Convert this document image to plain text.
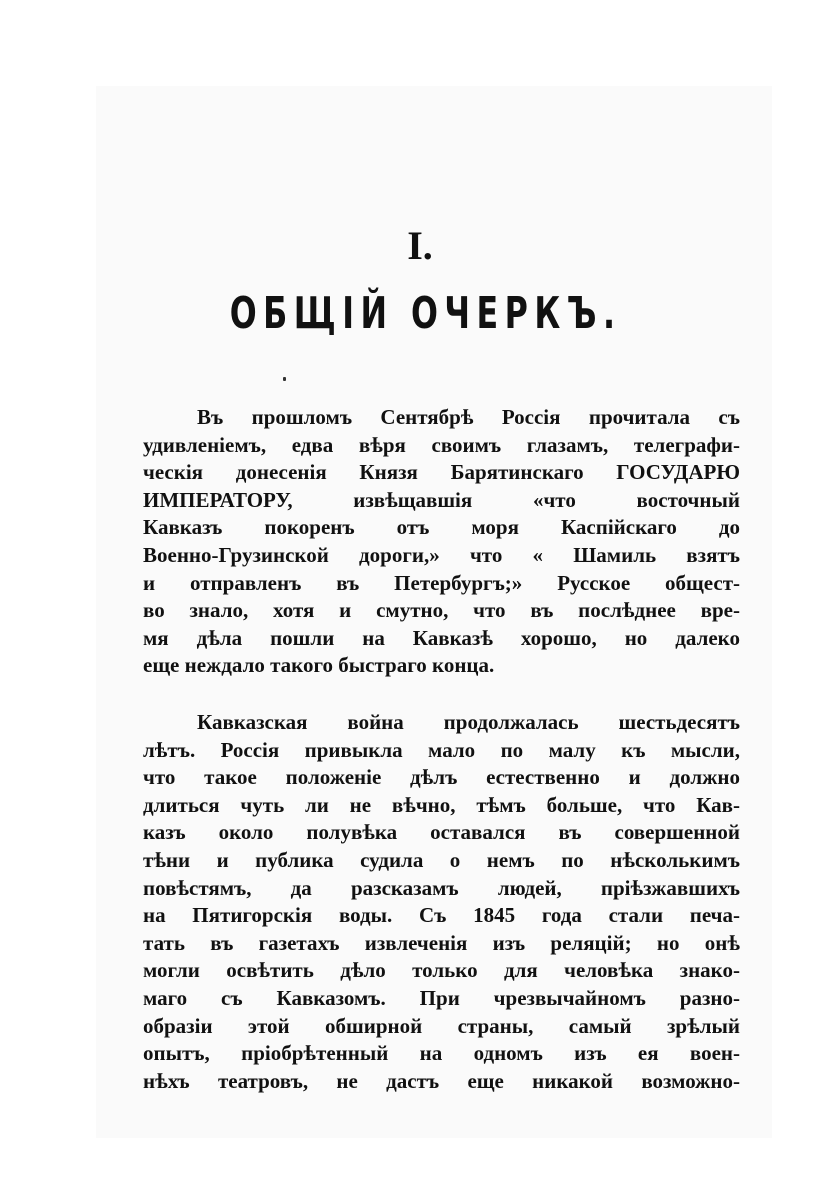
I.
ОБЩІЙ ОЧЕРКЪ.
Въ прошломъ Сентябрѣ Россія прочитала съ
удивленіемъ, едва вѣря своимъ глазамъ, телеграфи-
ческія донесенія Князя Барятинскаго ГОСУДАРЮ
ИМПЕРАТОРУ, извѣщавшія «что восточный
Кавказъ покоренъ отъ моря Каспійскаго до
Военно-Грузинской дороги,» что « Шамиль взятъ
и отправленъ въ Петербургъ;» Русское общест-
во знало, хотя и смутно, что въ послѣднее вре-
мя дѣла пошли на Кавказѣ хорошо, но далеко
еще неждало такого быстраго конца.
Кавказская война продолжалась шестьдесятъ
лѣтъ. Россія привыкла мало по малу къ мысли,
что такое положеніе дѣлъ естественно и должно
длиться чуть ли не вѣчно, тѣмъ больше, что Кав-
казъ около полувѣка оставался въ совершенной
тѣни и публика судила о немъ по нѣсколькимъ
повѣстямъ, да разсказамъ людей, пріѣзжавшихъ
на Пятигорскія воды. Съ 1845 года стали печа-
тать въ газетахъ извлеченія изъ реляцій; но онѣ
могли освѣтить дѣло только для человѣка знако-
маго съ Кавказомъ. При чрезвычайномъ разно-
образіи этой обширной страны, самый зрѣлый
опытъ, пріобрѣтенный на одномъ изъ ея воен-
нѣхъ театровъ, не дастъ еще никакой возможно-
